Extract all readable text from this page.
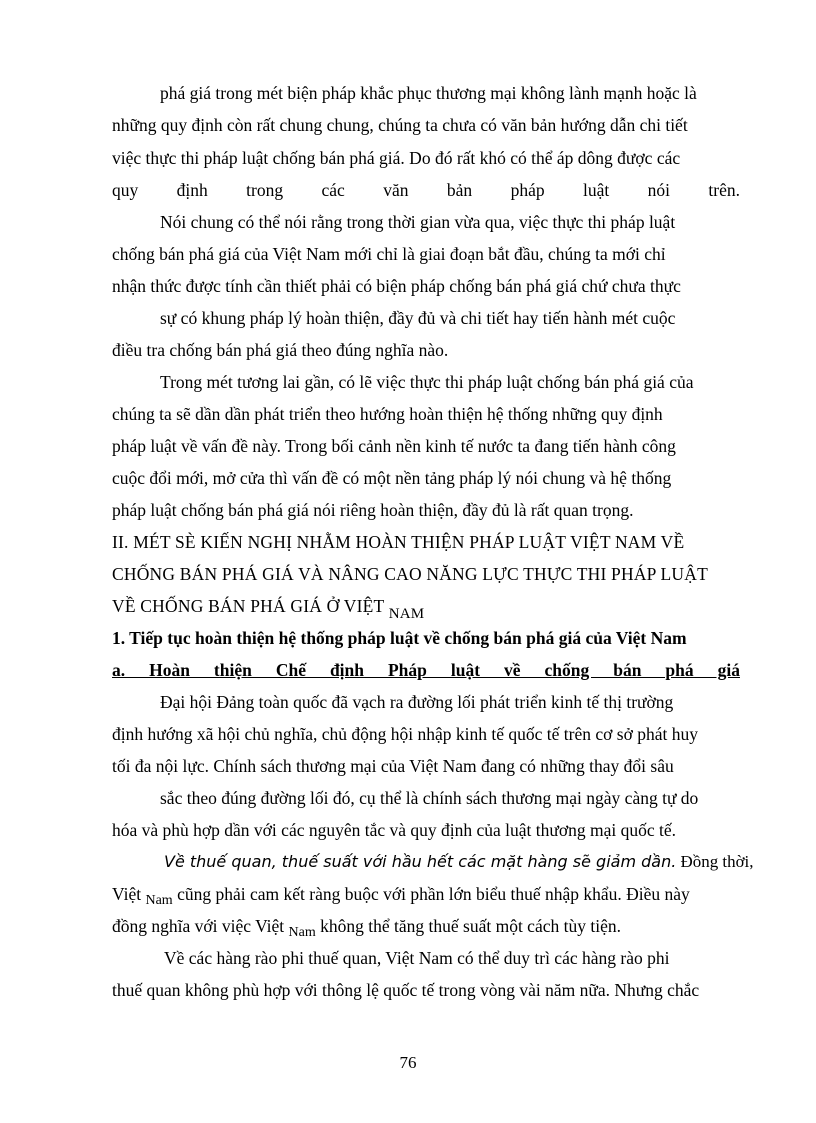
phá giá trong mét biện pháp khắc phục thương mại không lành mạnh hoặc là
những quy định còn rất chung chung, chúng ta chưa có văn bản hướng dẫn chi tiết
việc thực thi pháp luật chống bán phá giá. Do đó rất khó có thể áp dông được các
quy định trong các văn bản pháp luật nói trên.
Nói chung có thể nói rằng trong thời gian vừa qua, việc thực thi pháp luật
chống bán phá giá của Việt Nam mới chỉ là giai đoạn bắt đầu, chúng ta mới chỉ
nhận thức được tính cần thiết phải có biện pháp chống bán phá giá chứ chưa thực
sự có khung pháp lý hoàn thiện, đầy đủ và chi tiết hay tiến hành mét cuộc
điều tra chống bán phá giá theo đúng nghĩa nào.
Trong mét tương lai gần, có lẽ việc thực thi pháp luật chống bán phá giá của
chúng ta sẽ dần dần phát triển theo hướng hoàn thiện hệ thống những quy định
pháp luật về vấn đề này. Trong bối cảnh nền kinh tế nước ta đang tiến hành công
cuộc đổi mới, mở cửa thì vấn đề có một nền tảng pháp lý nói chung và hệ thống
pháp luật chống bán phá giá nói riêng hoàn thiện, đầy đủ là rất quan trọng.
II. MÉT SÈ KIẾN NGHỊ NHẰM HOÀN THIỆN PHÁP LUẬT VIỆT NAM VỀ
CHỐNG BÁN PHÁ GIÁ VÀ NÂNG CAO NĂNG LỰC THỰC THI PHÁP LUẬT
VỀ CHỐNG BÁN PHÁ GIÁ Ở VIỆT NAM
1. Tiếp tục hoàn thiện hệ thống pháp luật về chống bán phá giá của Việt Nam
a. Hoàn thiện Chế định Pháp luật về chống bán phá giá
Đại hội Đảng toàn quốc đã vạch ra đường lối phát triển kinh tế thị trường
định hướng xã hội chủ nghĩa, chủ động hội nhập kinh tế quốc tế trên cơ sở phát huy
tối đa nội lực. Chính sách thương mại của Việt Nam đang có những thay đổi sâu
sắc theo đúng đường lối đó, cụ thể là chính sách thương mại ngày càng tự do
hóa và phù hợp dần với các nguyên tắc và quy định của luật thương mại quốc tế.
Về thuế quan, thuế suất với hầu hết các mặt hàng sẽ giảm dần. Đồng thời,
Việt $_{Nam}$ cũng phải cam kết ràng buộc với phần lớn biểu thuế nhập khẩu. Điều này
đồng nghĩa với việc Việt $_{Nam}$ không thể tăng thuế suất một cách tùy tiện.
Về các hàng rào phi thuế quan, Việt Nam có thể duy trì các hàng rào phi
thuế quan không phù hợp với thông lệ quốc tế trong vòng vài năm nữa. Nhưng chắc
76
